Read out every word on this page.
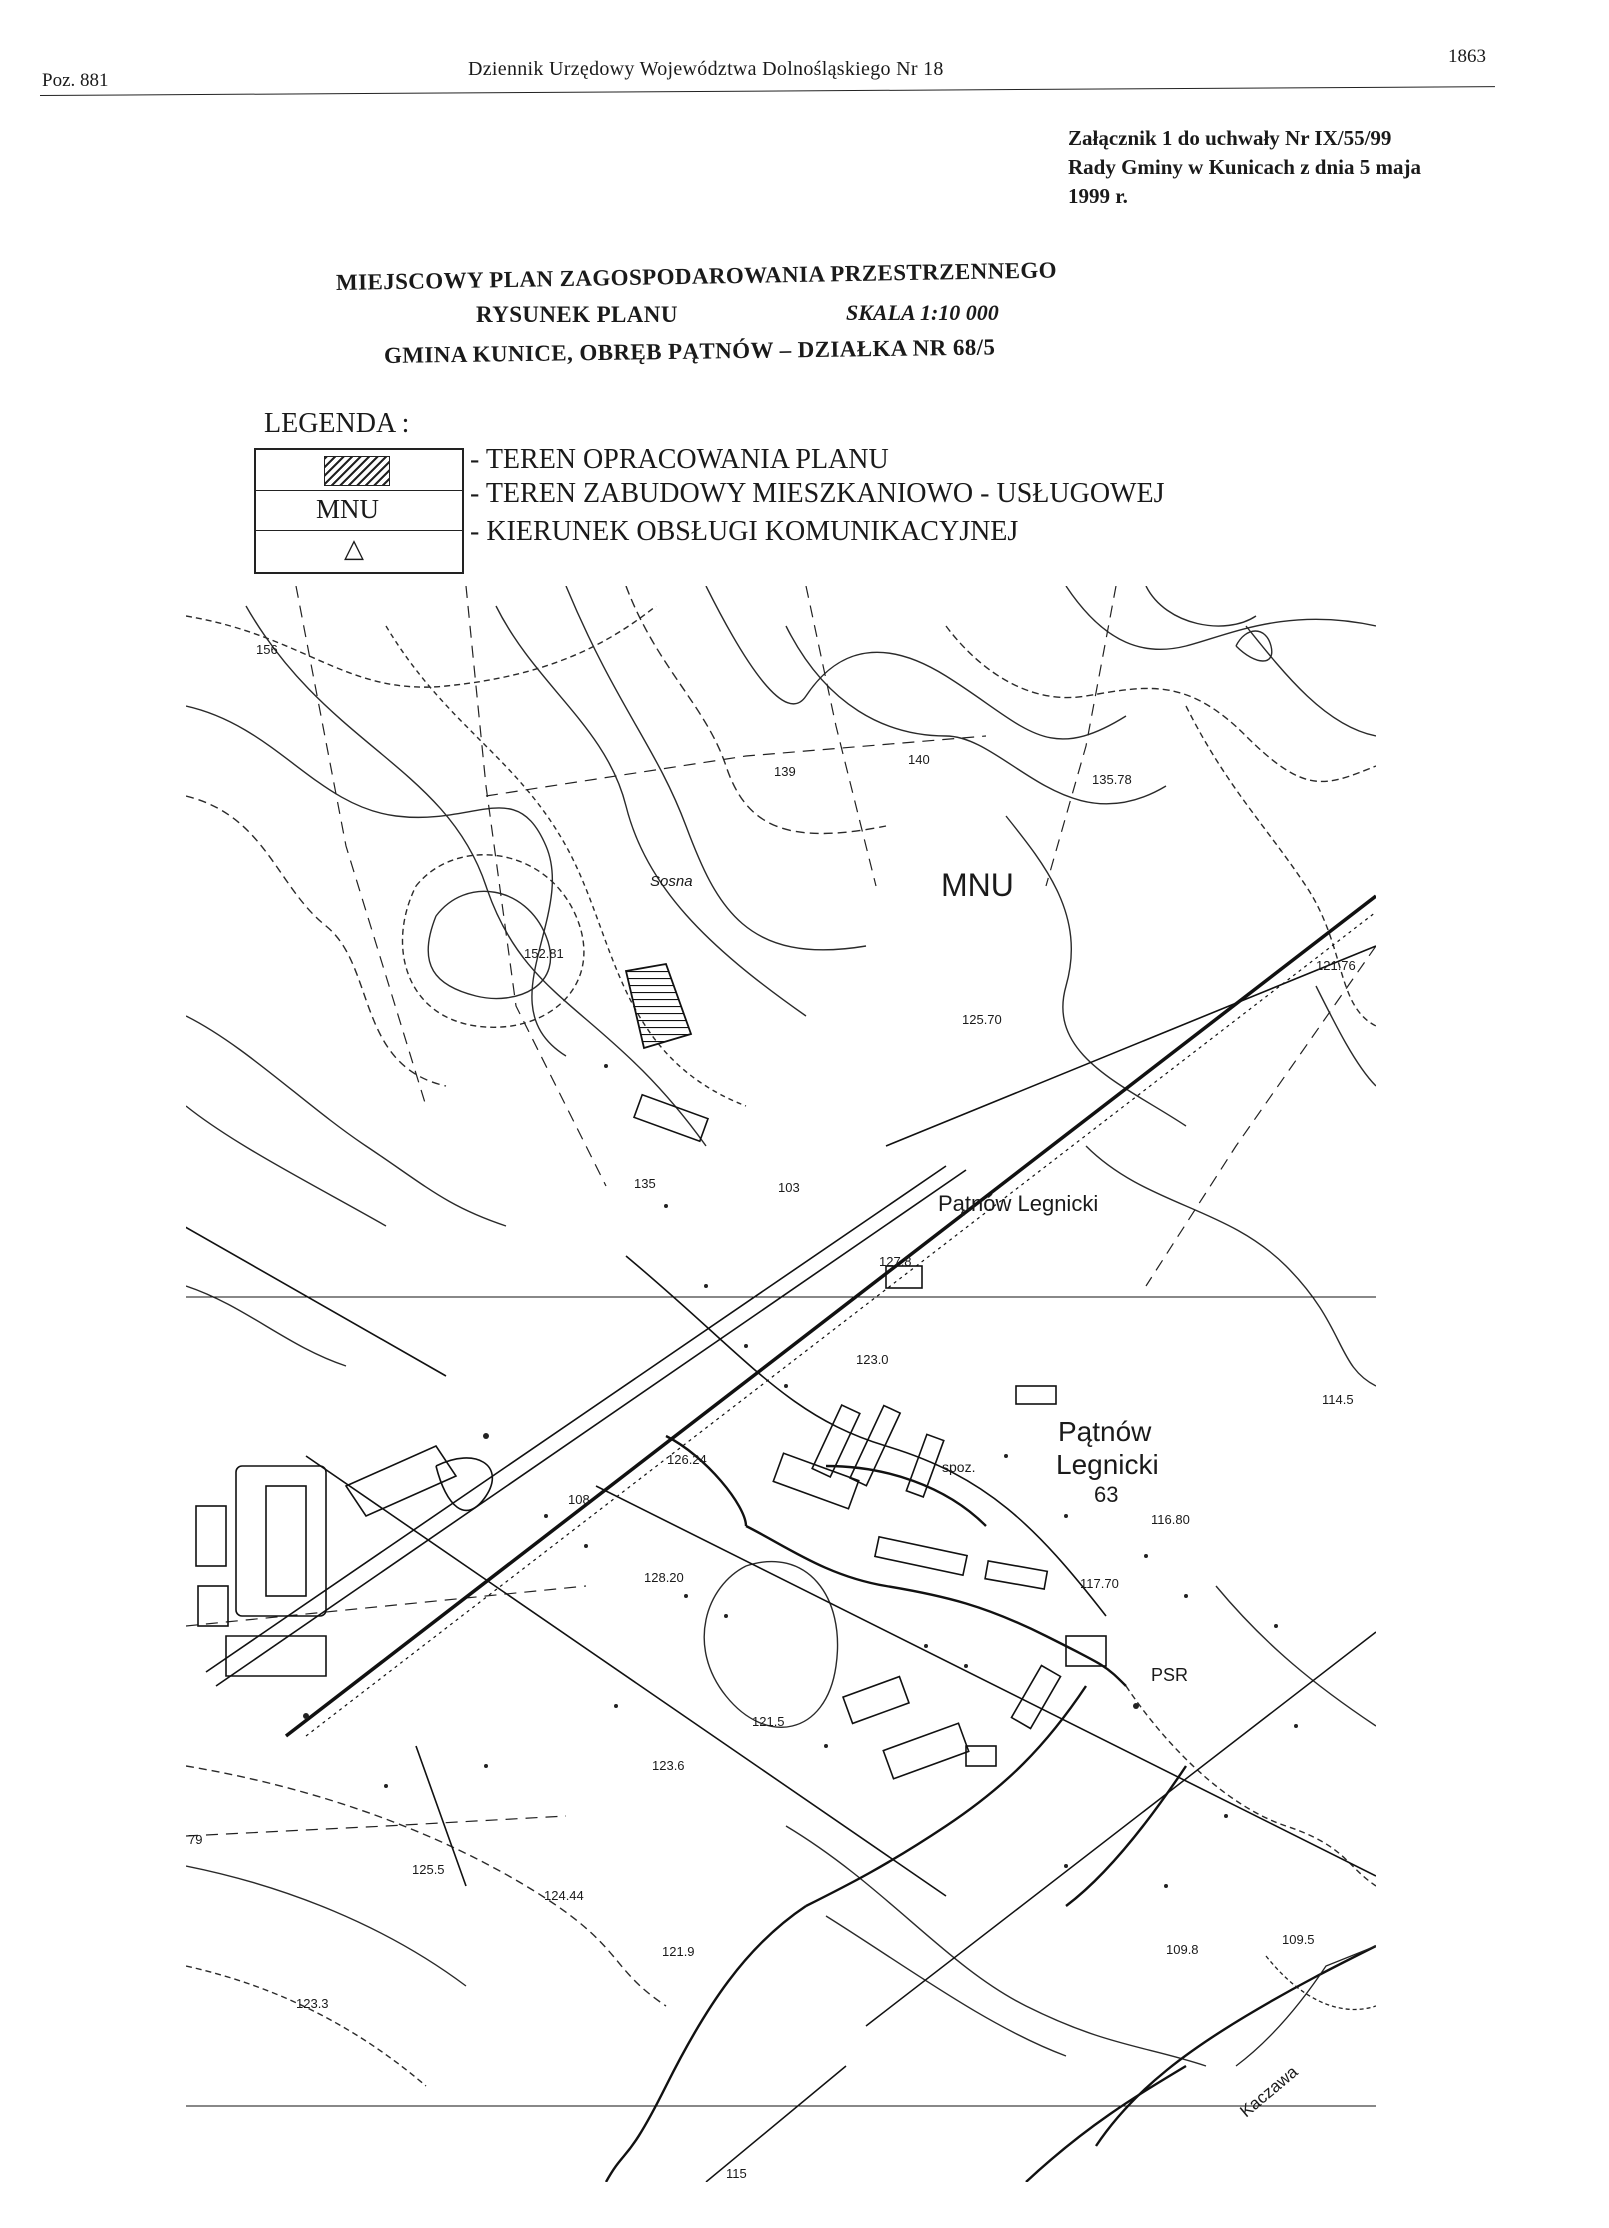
Poz. 881
Dziennik Urzędowy Województwa Dolnośląskiego Nr 18
1863
Załącznik 1 do uchwały Nr IX/55/99
Rady Gminy w Kunicach z dnia 5 maja
1999 r.
MIEJSCOWY PLAN ZAGOSPODAROWANIA PRZESTRZENNEGO
RYSUNEK PLANU	SKALA 1:10 000
GMINA KUNICE, OBRĘB PĄTNÓW – DZIAŁKA NR 68/5
LEGENDA :
MNU
△
- TEREN OPRACOWANIA PLANU
- TEREN ZABUDOWY MIESZKANIOWO - USŁUGOWEJ
- KIERUNEK OBSŁUGI KOMUNIKACYJNEJ
MNU
Pątnów Legnicki
Pątnów
Legnicki
63
Sosna
Kaczawa
PSR
spoz.
156
140
139
135.78
152.81
121.76
125.70
135
127.8
123.0
126.24
108
116.80
117.70
128.20
121.5
123.6
125.5
124.44
121.9
123.3
109.8
109.5
115
114.5
79
103
